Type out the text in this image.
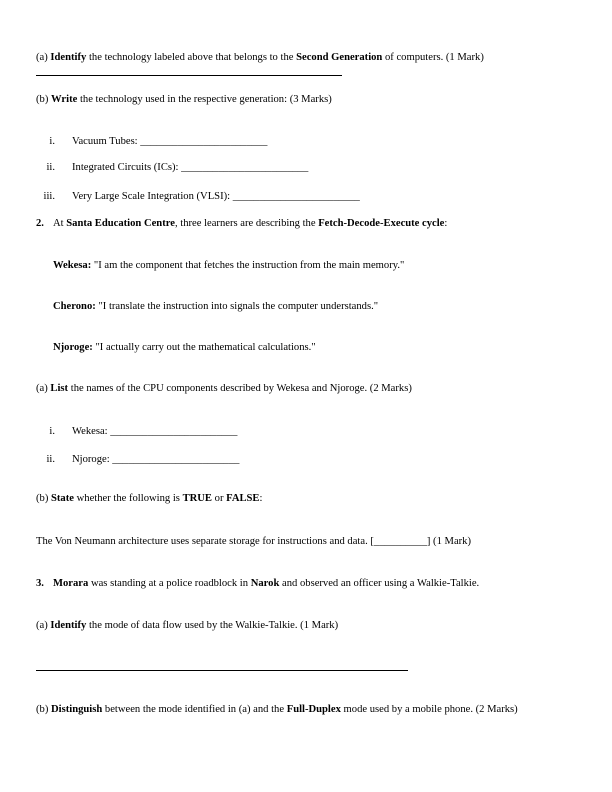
(a) Identify the technology labeled above that belongs to the Second Generation of computers. (1 Mark)
(b) Write the technology used in the respective generation: (3 Marks)
i. Vacuum Tubes: ________________________
ii. Integrated Circuits (ICs): ________________________
iii. Very Large Scale Integration (VLSI): ________________________
2. At Santa Education Centre, three learners are describing the Fetch-Decode-Execute cycle:
Wekesa: "I am the component that fetches the instruction from the main memory."
Cherono: "I translate the instruction into signals the computer understands."
Njoroge: "I actually carry out the mathematical calculations."
(a) List the names of the CPU components described by Wekesa and Njoroge. (2 Marks)
i. Wekesa: ________________________
ii. Njoroge: ________________________
(b) State whether the following is TRUE or FALSE:
The Von Neumann architecture uses separate storage for instructions and data. [__________] (1 Mark)
3. Morara was standing at a police roadblock in Narok and observed an officer using a Walkie-Talkie.
(a) Identify the mode of data flow used by the Walkie-Talkie. (1 Mark)
(b) Distinguish between the mode identified in (a) and the Full-Duplex mode used by a mobile phone. (2 Marks)
